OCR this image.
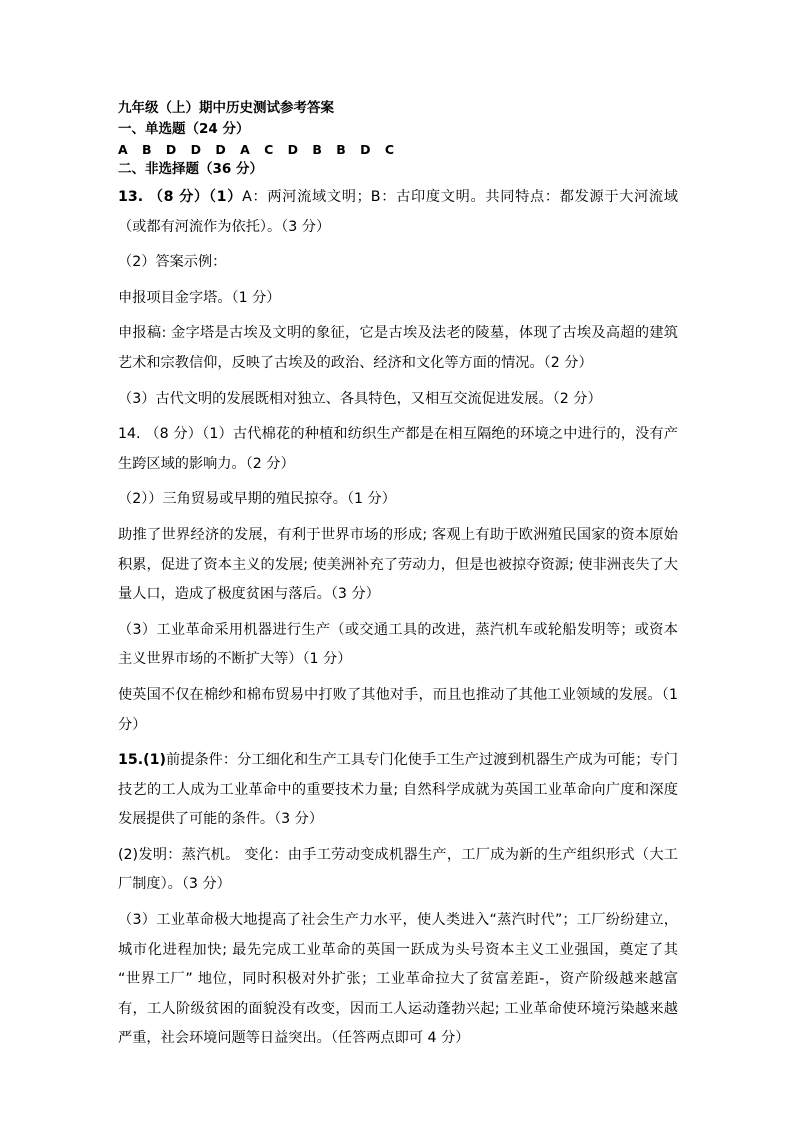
九年级（上）期中历史测试参考答案
一、单选题（24 分）
A B D D D A C D B B D C
二、非选择题（36 分）

13. （8 分）（1）A：两河流域文明；B：古印度文明。共同特点：都发源于大河流域（或都有河流作为依托）。（3 分）

（2）答案示例：

申报项目金字塔。（1 分）

申报稿: 金字塔是古埃及文明的象征，它是古埃及法老的陵墓，体现了古埃及高超的建筑艺术和宗教信仰，反映了古埃及的政治、经济和文化等方面的情况。（2 分）

（3）古代文明的发展既相对独立、各具特色，又相互交流促进发展。（2 分）

14. （8 分）（1）古代棉花的种植和纺织生产都是在相互隔绝的环境之中进行的，没有产生跨区域的影响力。（2 分）

（2））三角贸易或早期的殖民掠夺。（1 分）

助推了世界经济的发展，有利于世界市场的形成; 客观上有助于欧洲殖民国家的资本原始积累，促进了资本主义的发展; 使美洲补充了劳动力，但是也被掠夺资源; 使非洲丧失了大量人口，造成了极度贫困与落后。（3 分）

（3）工业革命采用机器进行生产（或交通工具的改进，蒸汽机车或轮船发明等；或资本主义世界市场的不断扩大等）（1 分）

使英国不仅在棉纱和棉布贸易中打败了其他对手，而且也推动了其他工业领域的发展。（1 分）

15.(1)前提条件：分工细化和生产工具专门化使手工生产过渡到机器生产成为可能；专门技艺的工人成为工业革命中的重要技术力量; 自然科学成就为英国工业革命向广度和深度发展提供了可能的条件。（3 分）

(2)发明：蒸汽机。 变化：由手工劳动变成机器生产，工厂成为新的生产组织形式（大工厂制度）。（3 分）

（3）工业革命极大地提高了社会生产力水平，使人类进入“蒸汽时代”；工厂纷纷建立，城市化进程加快; 最先完成工业革命的英国一跃成为头号资本主义工业强国，奠定了其 “世界工厂” 地位，同时积极对外扩张；工业革命拉大了贫富差距-，资产阶级越来越富有，工人阶级贫困的面貌没有改变，因而工人运动蓬勃兴起; 工业革命使环境污染越来越严重，社会环境问题等日益突出。（任答两点即可 4 分）
